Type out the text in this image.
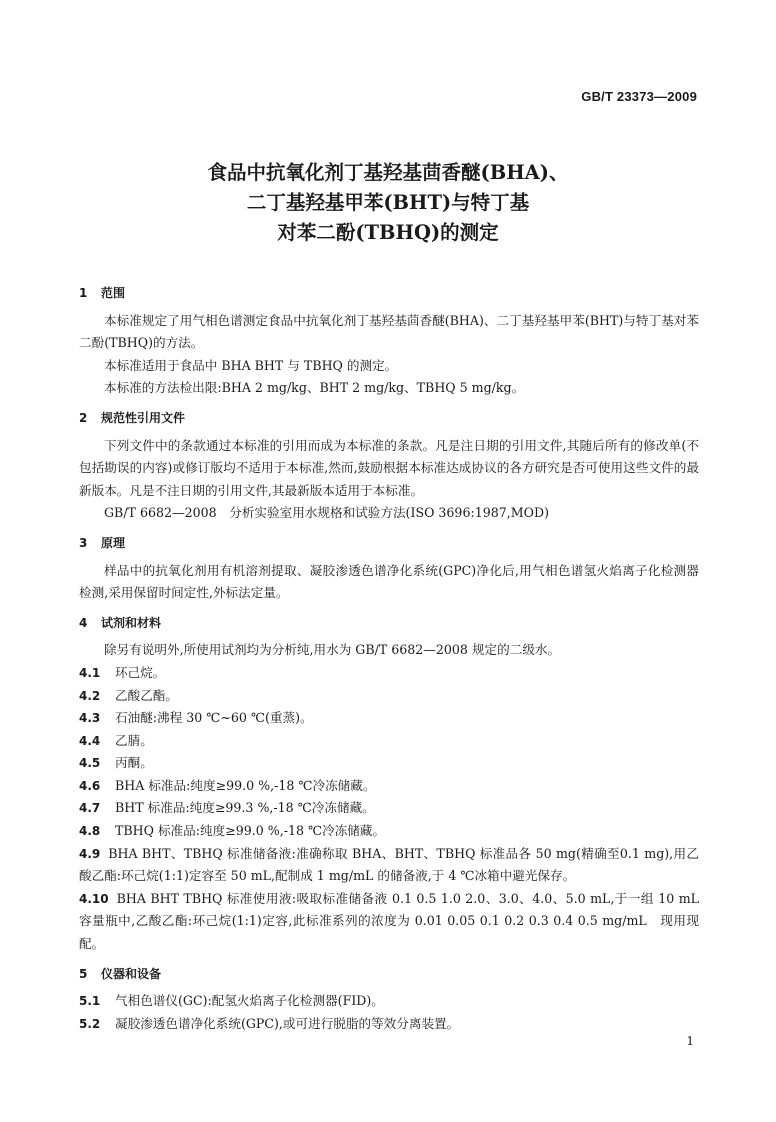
GB/T 23373—2009
食品中抗氧化剂丁基羟基茴香醚(BHA)、
二丁基羟基甲苯(BHT)与特丁基
对苯二酚(TBHQ)的测定
1 范围
本标准规定了用气相色谱测定食品中抗氧化剂丁基羟基茴香醚(BHA)、二丁基羟基甲苯(BHT)与特丁基对苯二酚(TBHQ)的方法。
本标准适用于食品中 BHA BHT 与 TBHQ 的测定。
本标准的方法检出限:BHA 2 mg/kg、BHT 2 mg/kg、TBHQ 5 mg/kg。
2 规范性引用文件
下列文件中的条款通过本标准的引用而成为本标准的条款。凡是注日期的引用文件,其随后所有的修改单(不包括勘误的内容)或修订版均不适用于本标准,然而,鼓励根据本标准达成协议的各方研究是否可使用这些文件的最新版本。凡是不注日期的引用文件,其最新版本适用于本标准。
GB/T 6682—2008　分析实验室用水规格和试验方法(ISO 3696:1987,MOD)
3 原理
样品中的抗氧化剂用有机溶剂提取、凝胶渗透色谱净化系统(GPC)净化后,用气相色谱氢火焰离子化检测器检测,采用保留时间定性,外标法定量。
4 试剂和材料
除另有说明外,所使用试剂均为分析纯,用水为 GB/T 6682—2008 规定的二级水。
4.1	环己烷。
4.2	乙酸乙酯。
4.3	石油醚:沸程 30 ℃~60 ℃(重蒸)。
4.4	乙腈。
4.5	丙酮。
4.6	BHA 标准品:纯度≥99.0 %,-18 ℃冷冻储藏。
4.7	BHT 标准品:纯度≥99.3 %,-18 ℃冷冻储藏。
4.8	TBHQ 标准品:纯度≥99.0 %,-18 ℃冷冻储藏。
4.9 BHA BHT、TBHQ 标准储备液:准确称取 BHA、BHT、TBHQ 标准品各 50 mg(精确至0.1 mg),用乙酸乙酯:环己烷(1:1)定容至 50 mL,配制成 1 mg/mL 的储备液,于 4 ℃冰箱中避光保存。
4.10 BHA BHT TBHQ 标准使用液:吸取标准储备液 0.1 0.5 1.0 2.0、3.0、4.0、5.0 mL,于一组 10 mL 容量瓶中,乙酸乙酯:环己烷(1:1)定容,此标准系列的浓度为 0.01 0.05 0.1 0.2 0.3 0.4 0.5 mg/mL　现用现配。
5 仪器和设备
5.1	气相色谱仪(GC):配氢火焰离子化检测器(FID)。
5.2	凝胶渗透色谱净化系统(GPC),或可进行脱脂的等效分离装置。
1
